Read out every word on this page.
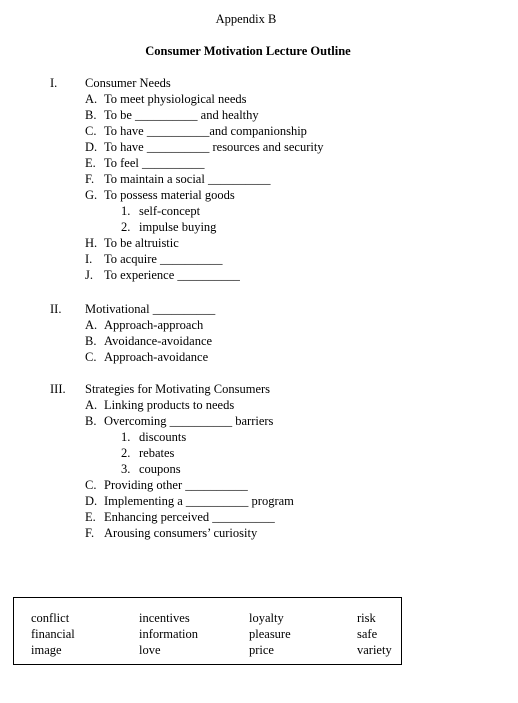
Appendix B
Consumer Motivation Lecture Outline
I. Consumer Needs
A. To meet physiological needs
B. To be __________ and healthy
C. To have __________and companionship
D. To have __________ resources and security
E. To feel __________
F. To maintain a social __________
G. To possess material goods
1. self-concept
2. impulse buying
H. To be altruistic
I. To acquire __________
J. To experience __________
II. Motivational __________
A. Approach-approach
B. Avoidance-avoidance
C. Approach-avoidance
III. Strategies for Motivating Consumers
A. Linking products to needs
B. Overcoming __________ barriers
1. discounts
2. rebates
3. coupons
C. Providing other __________
D. Implementing a __________ program
E. Enhancing perceived __________
F. Arousing consumers’ curiosity
conflict	incentives	loyalty	risk
financial	information	pleasure	safe
image	love	price	variety
